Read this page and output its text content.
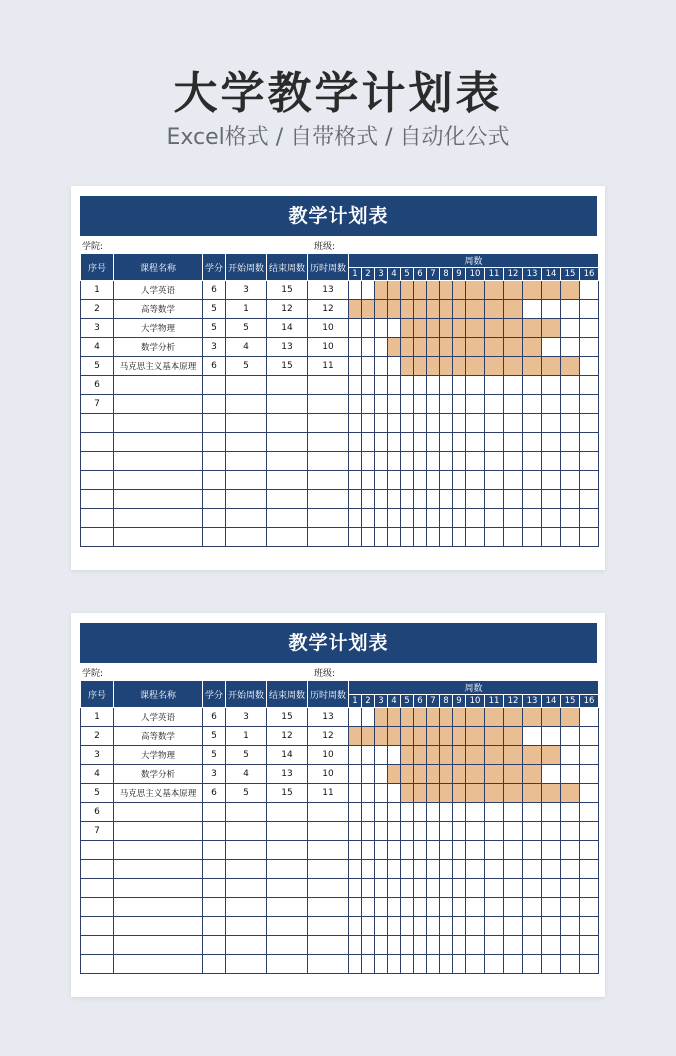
大学教学计划表
Excel格式 / 自带格式 / 自动化公式
教学计划表
学院:	班级:
序号	课程名称	学分	开始周数	结束周数	历时周数	周数															
						1	2	3	4	5	6	7	8	9	10	11	12	13	14	15	16
1	人学英语	6	3	15	13																
2	高等数学	5	1	12	12																
3	大学物理	5	5	14	10																
4	数学分析	3	4	13	10																
5	马克思主义基本原理	6	5	15	11																
6																					
7																					

教学计划表
学院:	班级:
序号	课程名称	学分	开始周数	结束周数	历时周数	周数															
						1	2	3	4	5	6	7	8	9	10	11	12	13	14	15	16
1	人学英语	6	3	15	13																
2	高等数学	5	1	12	12																
3	大学物理	5	5	14	10																
4	数学分析	3	4	13	10																
5	马克思主义基本原理	6	5	15	11																
6																					
7																					
